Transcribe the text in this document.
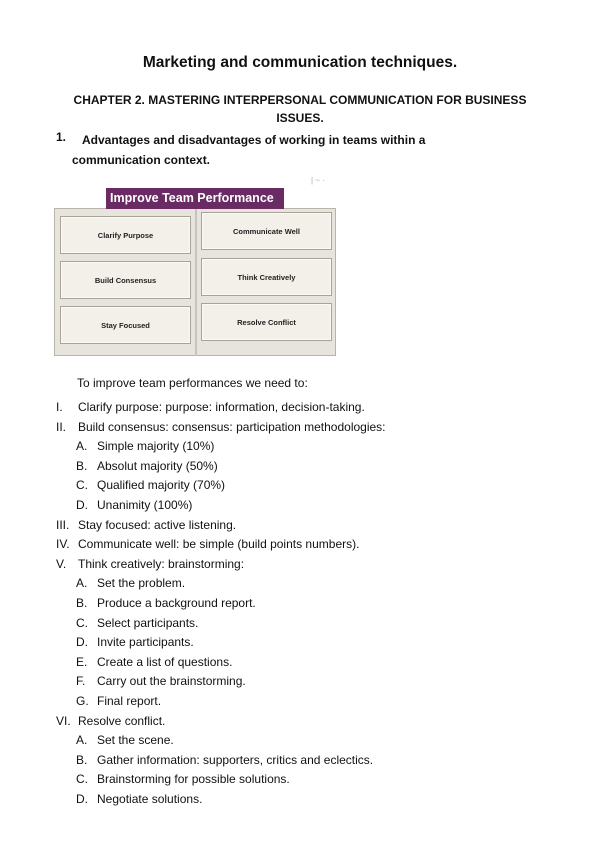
Marketing and communication techniques.
CHAPTER 2. MASTERING INTERPERSONAL COMMUNICATION FOR BUSINESS ISSUES.
1.	Advantages and disadvantages of working in teams within a communication context.
| ~ ·
Improve Team Performance
Clarify Purpose	Communicate Well
Build Consensus	Think Creatively
Stay Focused	Resolve Conflict
To improve team performances we need to:
I. Clarify purpose: purpose: information, decision-taking.
II. Build consensus: consensus: participation methodologies:
A. Simple majority (10%)
B. Absolut majority (50%)
C. Qualified majority (70%)
D. Unanimity (100%)
III. Stay focused: active listening.
IV. Communicate well: be simple (build points numbers).
V. Think creatively: brainstorming:
A. Set the problem.
B. Produce a background report.
C. Select participants.
D. Invite participants.
E. Create a list of questions.
F. Carry out the brainstorming.
G. Final report.
VI. Resolve conflict.
A. Set the scene.
B. Gather information: supporters, critics and eclectics.
C. Brainstorming for possible solutions.
D. Negotiate solutions.
